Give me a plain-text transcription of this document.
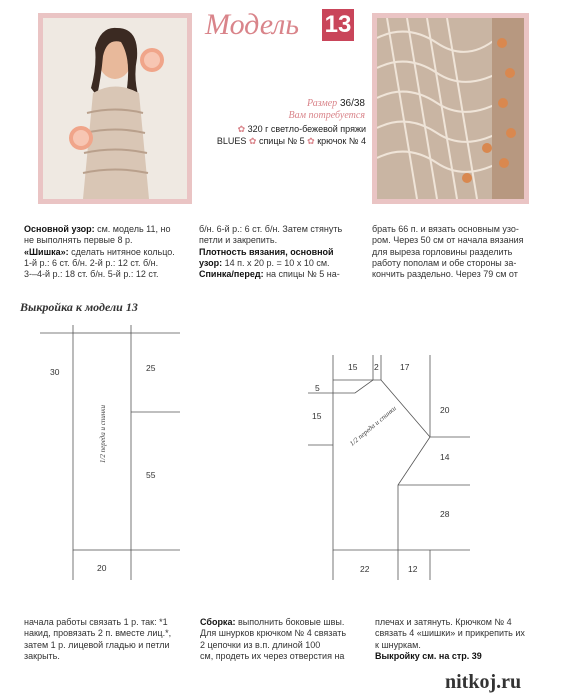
Модель 13
Размер 36/38
Вам потребуется
✿ 320 г светло-бежевой пряжи
BLUES ✿ спицы № 5 ✿ крючок № 4
Основной узор: см. модель 11, но
не выполнять первые 8 р.
«Шишка»: сделать нитяное кольцо.
1-й р.: 6 ст. б/н. 2-й р.: 12 ст. б/н.
3-–4-й р.: 18 ст. б/н. 5-й р.: 12 ст.
б/н. 6-й р.: 6 ст. б/н. Затем стянуть
петли и закрепить.
Плотность вязания, основной
узор: 14 п. х 20 р. = 10 х 10 см.
Спинка/перед: на спицы № 5 на-
брать 66 п. и вязать основным узо-
ром. Через 50 см от начала вязания
для выреза горловины разделить
работу пополам и обе стороны за-
кончить раздельно. Через 79 см от
Выкройка к модели 13
30	25
55
20
1/2 переда и спинки
15 2	17
5
15
20
14
28
22	12
1/2 переда и спинки
начала работы связать 1 р. так: *1
накид, провязать 2 п. вместе лиц.*,
затем 1 р. лицевой гладью и петли
закрыть.
Сборка: выполнить боковые швы.
Для шнурков крючком № 4 связать
2 цепочки из в.п. длиной 100
см, продеть их через отверстия на
плечах и затянуть. Крючком № 4
связать 4 «шишки» и прикрепить их
к шнуркам.
Выкройку см. на стр. 39
nitkoj.ru
